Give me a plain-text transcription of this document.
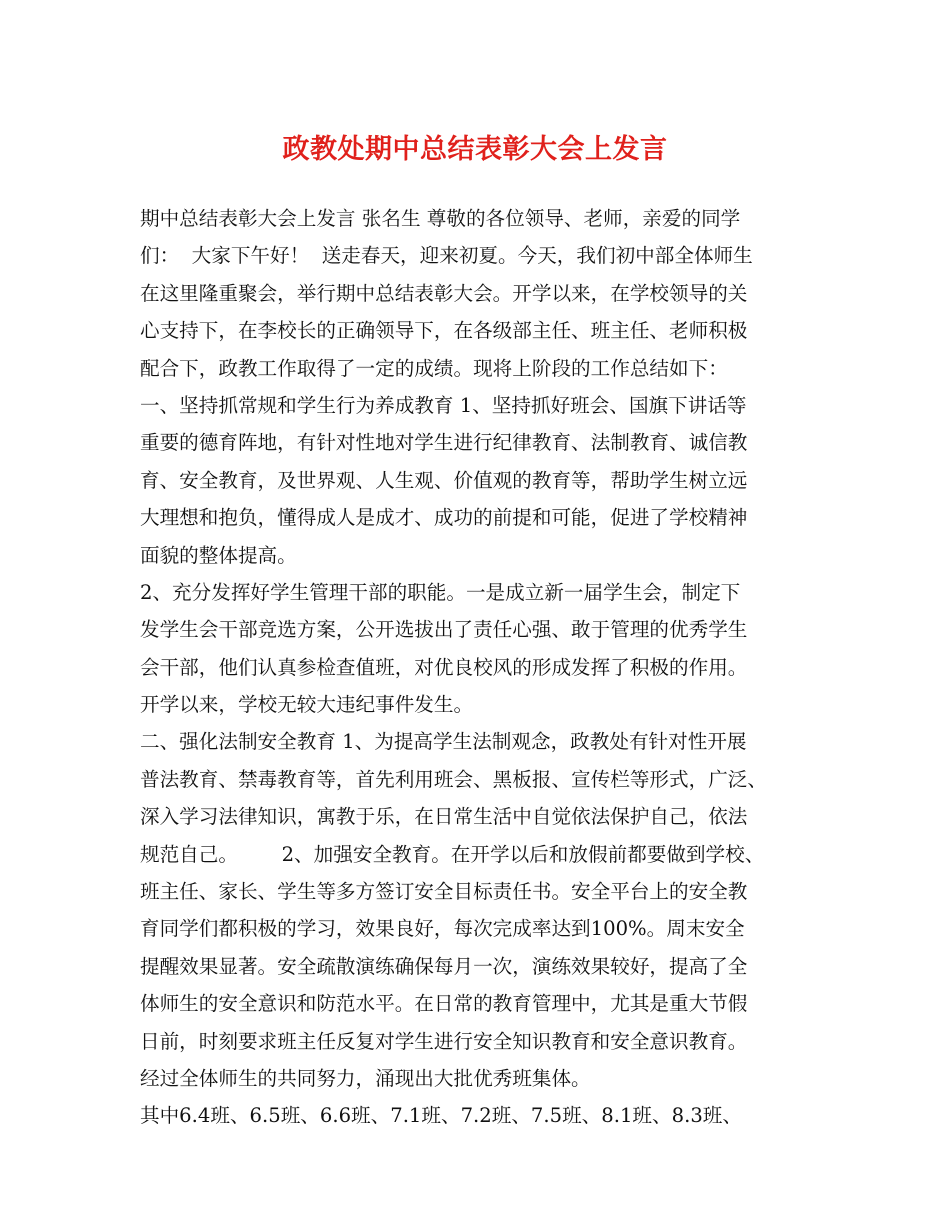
政教处期中总结表彰大会上发言
期中总结表彰大会上发言 张名生 尊敬的各位领导、老师，亲爱的同学
们：  大家下午好！  送走春天，迎来初夏。今天，我们初中部全体师生
在这里隆重聚会，举行期中总结表彰大会。开学以来，在学校领导的关
心支持下，在李校长的正确领导下，在各级部主任、班主任、老师积极
配合下，政教工作取得了一定的成绩。现将上阶段的工作总结如下：
一、坚持抓常规和学生行为养成教育 1、坚持抓好班会、国旗下讲话等
重要的德育阵地，有针对性地对学生进行纪律教育、法制教育、诚信教
育、安全教育，及世界观、人生观、价值观的教育等，帮助学生树立远
大理想和抱负，懂得成人是成才、成功的前提和可能，促进了学校精神
面貌的整体提高。
2、充分发挥好学生管理干部的职能。一是成立新一届学生会，制定下
发学生会干部竞选方案，公开选拔出了责任心强、敢于管理的优秀学生
会干部，他们认真参检查值班，对优良校风的形成发挥了积极的作用。
开学以来，学校无较大违纪事件发生。
二、强化法制安全教育 1、为提高学生法制观念，政教处有针对性开展
普法教育、禁毒教育等，首先利用班会、黑板报、宣传栏等形式，广泛、
深入学习法律知识，寓教于乐，在日常生活中自觉依法保护自己，依法
规范自己。       2、加强安全教育。在开学以后和放假前都要做到学校、
班主任、家长、学生等多方签订安全目标责任书。安全平台上的安全教
育同学们都积极的学习，效果良好，每次完成率达到100%。周末安全
提醒效果显著。安全疏散演练确保每月一次，演练效果较好，提高了全
体师生的安全意识和防范水平。在日常的教育管理中，尤其是重大节假
日前，时刻要求班主任反复对学生进行安全知识教育和安全意识教育。
经过全体师生的共同努力，涌现出大批优秀班集体。
其中6.4班、6.5班、6.6班、7.1班、7.2班、7.5班、8.1班、8.3班、
